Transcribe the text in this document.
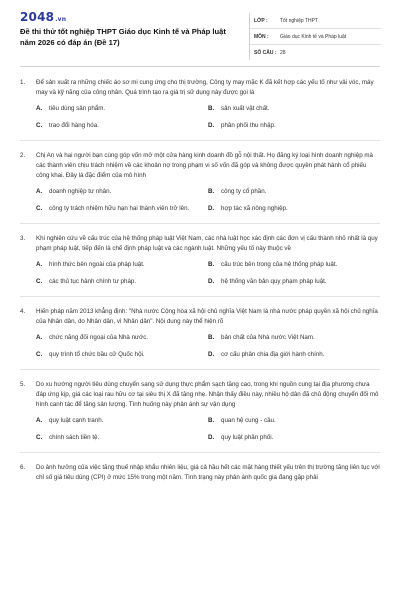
2048.vn
Đề thi thử tốt nghiệp THPT Giáo dục Kinh tế và Pháp luật năm 2026 có đáp án (Đề 17)
LỚP :	Tốt nghiệp THPT
MÔN :	Giáo dục Kinh tế và Pháp luật
SỐ CÂU : 28
1.	Để sản xuất ra những chiếc áo sơ mi cung ứng cho thị trường, Công ty may mặc K đã kết hợp các yếu tố như vải vóc, máy may và kỹ năng của công nhân. Quá trình tạo ra giá trị sử dụng này được gọi là
A.	tiêu dùng sản phẩm.	B.	sản xuất vật chất.
C.	trao đổi hàng hóa.	D.	phân phối thu nhập.
2.	Chị An và hai người bạn cùng góp vốn mở một cửa hàng kinh doanh đồ gỗ nội thất. Họ đăng ký loại hình doanh nghiệp mà các thành viên chịu trách nhiệm về các khoản nợ trong phạm vi số vốn đã góp và không được quyền phát hành cổ phiếu công khai. Đây là đặc điểm của mô hình
A.	doanh nghiệp tư nhân.	B.	công ty cổ phần.
C.	công ty trách nhiệm hữu hạn hai thành viên trở lên.	D.	hợp tác xã nông nghiệp.
3.	Khi nghiên cứu về cấu trúc của hệ thống pháp luật Việt Nam, các nhà luật học xác định các đơn vị cấu thành nhỏ nhất là quy phạm pháp luật, tiếp đến là chế định pháp luật và các ngành luật. Những yếu tố này thuộc về
A.	hình thức bên ngoài của pháp luật.	B.	cấu trúc bên trong của hệ thống pháp luật.
C.	các thủ tục hành chính tư pháp.	D.	hệ thống văn bản quy phạm pháp luật.
4.	Hiến pháp năm 2013 khẳng định: "Nhà nước Cộng hòa xã hội chủ nghĩa Việt Nam là nhà nước pháp quyền xã hội chủ nghĩa của Nhân dân, do Nhân dân, vì Nhân dân". Nội dung này thể hiện rõ
A.	chức năng đối ngoại của Nhà nước.	B.	bản chất của Nhà nước Việt Nam.
C.	quy trình tổ chức bầu cử Quốc hội.	D.	cơ cấu phân chia địa giới hành chính.
5.	Do xu hướng người tiêu dùng chuyển sang sử dụng thực phẩm sạch tăng cao, trong khi nguồn cung tại địa phương chưa đáp ứng kịp, giá các loại rau hữu cơ tại siêu thị X đã tăng nhẹ. Nhận thấy điều này, nhiều hộ dân đã chủ động chuyển đổi mô hình canh tác để tăng sản lượng. Tình huống này phản ánh sự vận dụng
A.	quy luật cạnh tranh.	B.	quan hệ cung - cầu.
C.	chính sách tiền tệ.	D.	quy luật phân phối.
6.	Do ảnh hưởng của việc tăng thuế nhập khẩu nhiên liệu, giá cả hầu hết các mặt hàng thiết yếu trên thị trường tăng liên tục với chỉ số giá tiêu dùng (CPI) ở mức 15% trong một năm. Tình trạng này phản ánh quốc gia đang gặp phải
